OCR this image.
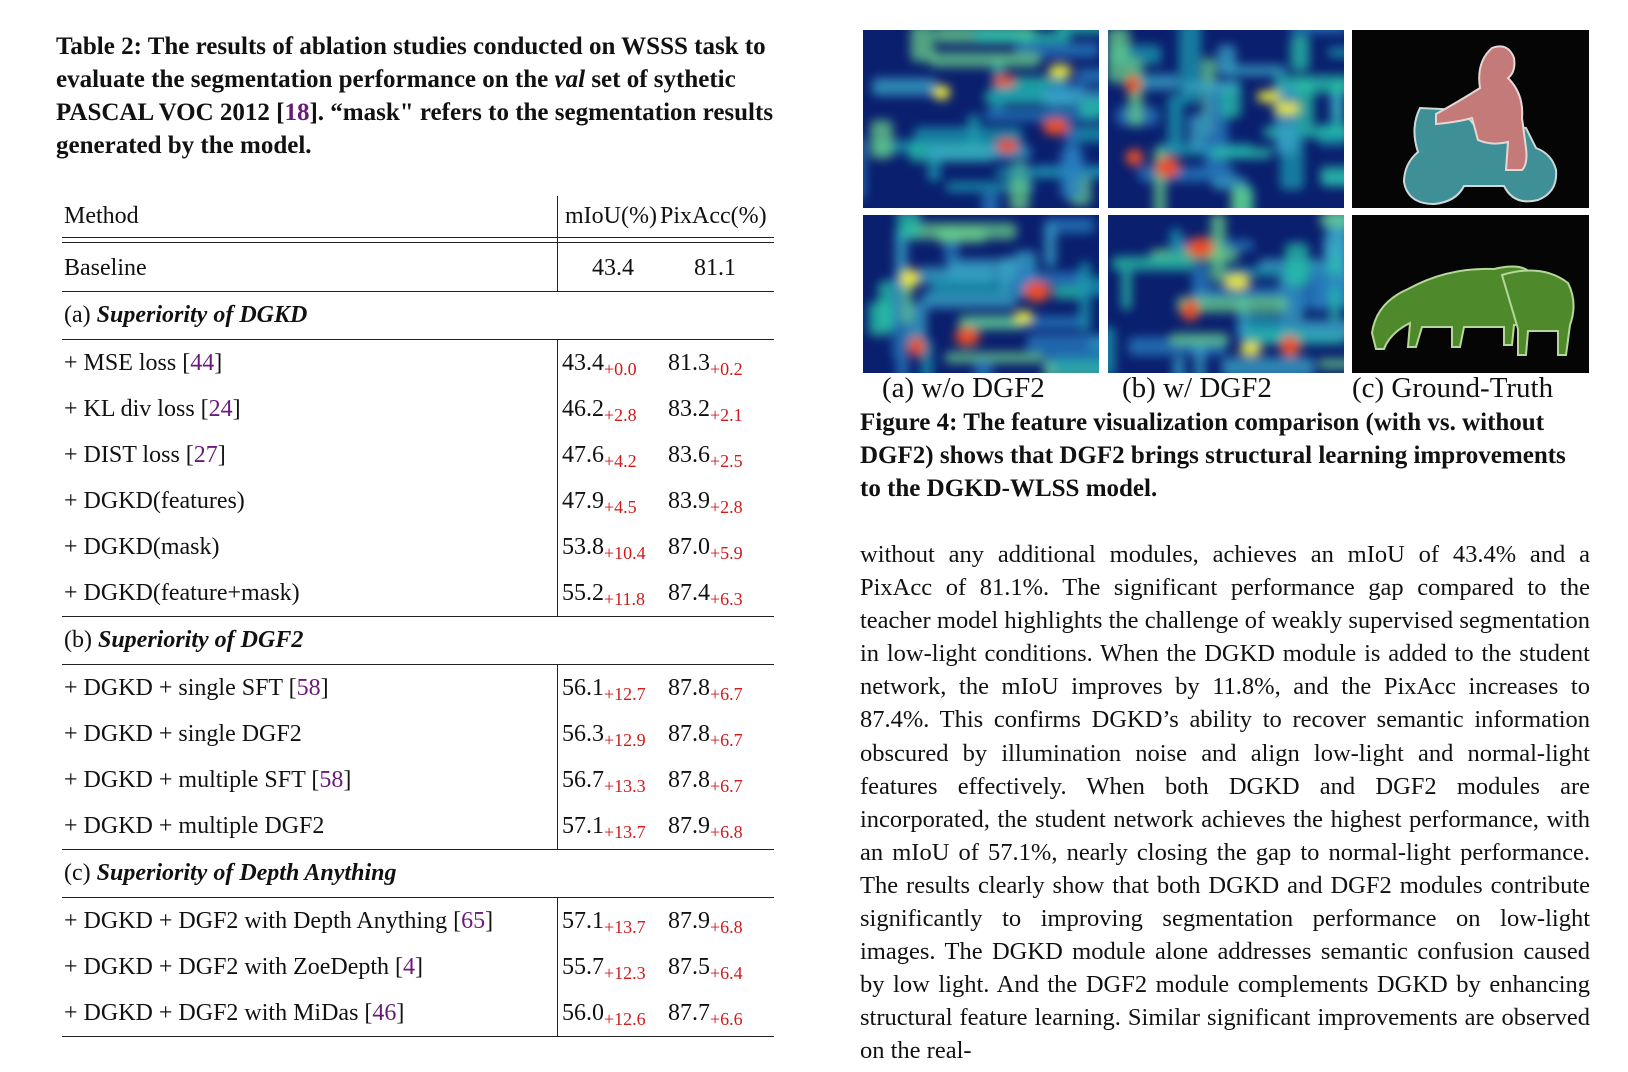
Table 2: The results of ablation studies conducted on WSSS task to evaluate the segmentation performance on the val set of sythetic PASCAL VOC 2012 [18]. “mask" refers to the segmentation results generated by the model.
Method	mIoU(%) PixAcc(%)
Baseline	43.4	81.1
(a) Superiority of DGKD
+ MSE loss [44]	$43.4_{+0.0}$ $81.3_{+0.2}$
+ KL div loss [24]	$46.2_{+2.8}$ $83.2_{+2.1}$
+ DIST loss [27]	$47.6_{+4.2}$ $83.6_{+2.5}$
+ DGKD(features)	$47.9_{+4.5}$ $83.9_{+2.8}$
+ DGKD(mask)	$53.8_{+10.4}$ $87.0_{+5.9}$
+ DGKD(feature+mask)	$55.2_{+11.8}$ $87.4_{+6.3}$
(b) Superiority of DGF2
+ DGKD + single SFT [58]	$56.1_{+12.7}$ $87.8_{+6.7}$
+ DGKD + single DGF2	$56.3_{+12.9}$ $87.8_{+6.7}$
+ DGKD + multiple SFT [58]	$56.7_{+13.3}$ $87.8_{+6.7}$
+ DGKD + multiple DGF2	$57.1_{+13.7}$ $87.9_{+6.8}$
(c) Superiority of Depth Anything
+ DGKD + DGF2 with Depth Anything [65]	$57.1_{+13.7}$ $87.9_{+6.8}$
+ DGKD + DGF2 with ZoeDepth [4]	$55.7_{+12.3}$ $87.5_{+6.4}$
+ DGKD + DGF2 with MiDas [46]	$56.0_{+12.6}$ $87.7_{+6.6}$
(a) w/o DGF2	(b) w/ DGF2	(c) Ground-Truth
Figure 4: The feature visualization comparison (with vs. without DGF2) shows that DGF2 brings structural learning improvements to the DGKD-WLSS model.
without any additional modules, achieves an mIoU of 43.4% and a PixAcc of 81.1%. The significant performance gap compared to the teacher model highlights the challenge of weakly supervised segmentation in low-light conditions. When the DGKD module is added to the student network, the mIoU improves by 11.8%, and the PixAcc increases to 87.4%. This confirms DGKD’s ability to recover semantic information obscured by illumination noise and align low-light and normal-light features effectively. When both DGKD and DGF2 modules are incorporated, the student network achieves the highest performance, with an mIoU of 57.1%, nearly closing the gap to normal-light performance. The results clearly show that both DGKD and DGF2 modules contribute significantly to improving segmentation performance on low-light images. The DGKD module alone addresses semantic confusion caused by low light. And the DGF2 module complements DGKD by enhancing structural feature learning. Similar significant improvements are observed on the real-
